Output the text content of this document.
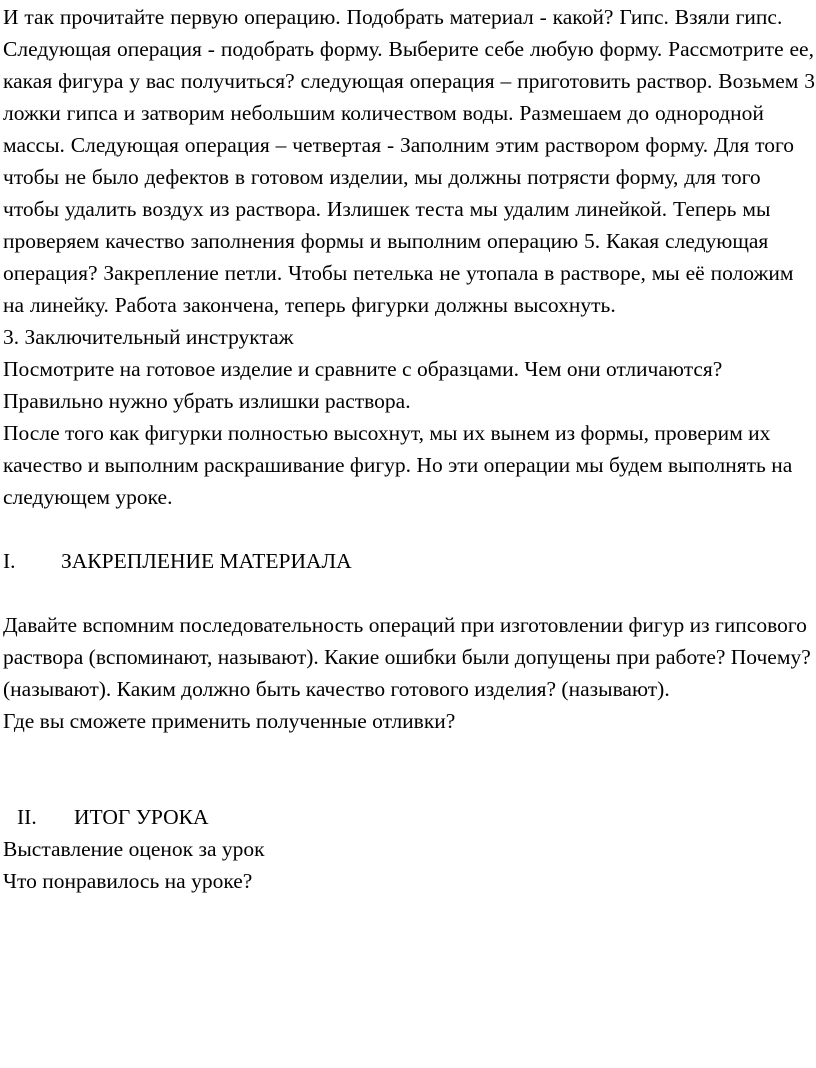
И так прочитайте первую операцию. Подобрать материал - какой? Гипс. Взяли гипс. Следующая операция - подобрать форму. Выберите себе любую форму. Рассмотрите ее, какая фигура у вас получиться? следующая операция – приготовить раствор. Возьмем 3 ложки гипса и затворим небольшим количеством воды. Размешаем до однородной массы. Следующая операция – четвертая - Заполним этим раствором форму. Для того чтобы не было дефектов в готовом изделии, мы должны потрясти форму, для того чтобы удалить воздух из раствора. Излишек теста мы удалим линейкой. Теперь мы проверяем качество заполнения формы и выполним операцию 5. Какая следующая операция? Закрепление петли. Чтобы петелька не утопала в растворе, мы её положим на линейку. Работа закончена, теперь фигурки должны высохнуть.

3. Заключительный инструктаж

Посмотрите на готовое изделие и сравните с образцами. Чем они отличаются? Правильно нужно убрать излишки раствора.

После того как фигурки полностью высохнут, мы их вынем из формы, проверим их качество и выполним раскрашивание фигур. Но эти операции мы будем выполнять на следующем уроке.

I.	ЗАКРЕПЛЕНИЕ МАТЕРИАЛА

Давайте вспомним последовательность операций при изготовлении фигур из гипсового раствора (вспоминают, называют). Какие ошибки были допущены при работе? Почему? (называют). Каким должно быть качество готового изделия? (называют).

Где вы сможете применить полученные отливки?

II.	ИТОГ УРОКА

Выставление оценок за урок

Что понравилось на уроке?
